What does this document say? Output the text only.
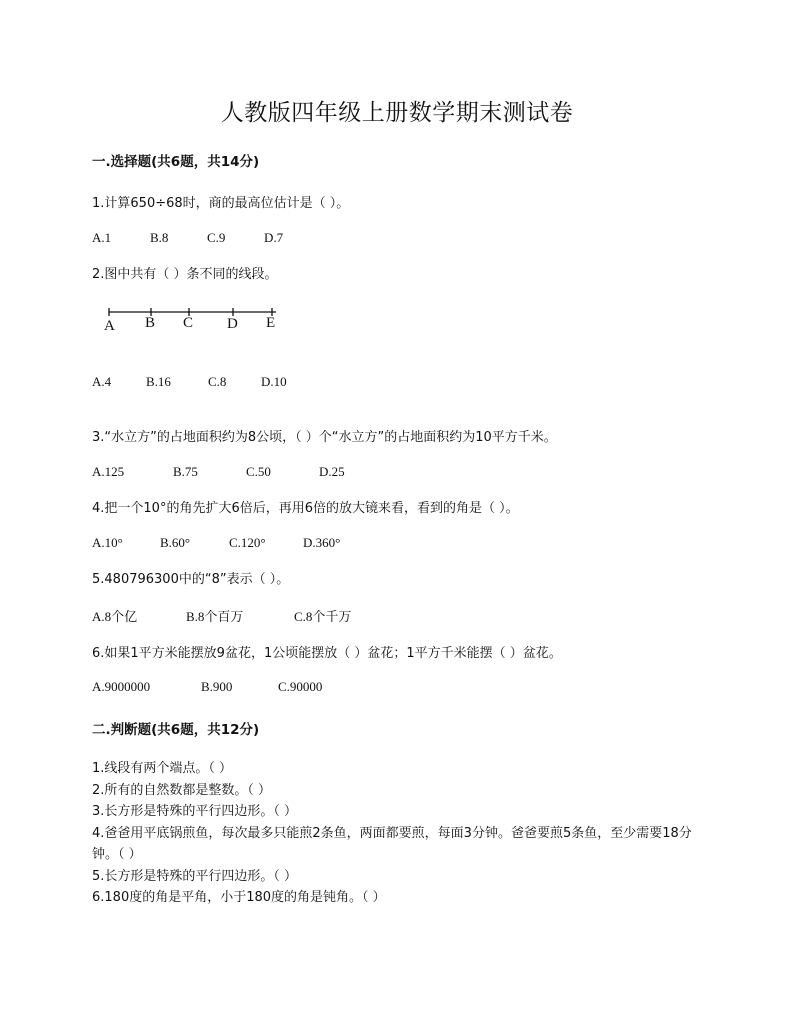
人教版四年级上册数学期末测试卷
一.选择题(共6题，共14分)
1.计算650÷68时，商的最高位估计是（ ）。
A.1	B.8	C.9	D.7
2.图中共有（ ）条不同的线段。
A B C D E
A.4	B.16	C.8	D.10
3.“水立方”的占地面积约为8公顷，（ ）个“水立方”的占地面积约为10平方千米。
A.125	B.75	C.50	D.25
4.把一个10°的角先扩大6倍后，再用6倍的放大镜来看，看到的角是（ ）。
A.10°	B.60°	C.120°	D.360°
5.480796300中的“8”表示（ ）。
A.8个亿	B.8个百万	C.8个千万
6.如果1平方米能摆放9盆花，1公顷能摆放（ ）盆花；1平方千米能摆（ ）盆花。
A.9000000	B.900	C.90000
二.判断题(共6题，共12分)
1.线段有两个端点。（ ）
2.所有的自然数都是整数。（ ）
3.长方形是特殊的平行四边形。（ ）
4.爸爸用平底锅煎鱼，每次最多只能煎2条鱼，两面都要煎，每面3分钟。爸爸要煎5条鱼，至少需要18分钟。（ ）
5.长方形是特殊的平行四边形。（ ）
6.180度的角是平角，小于180度的角是钝角。（ ）
